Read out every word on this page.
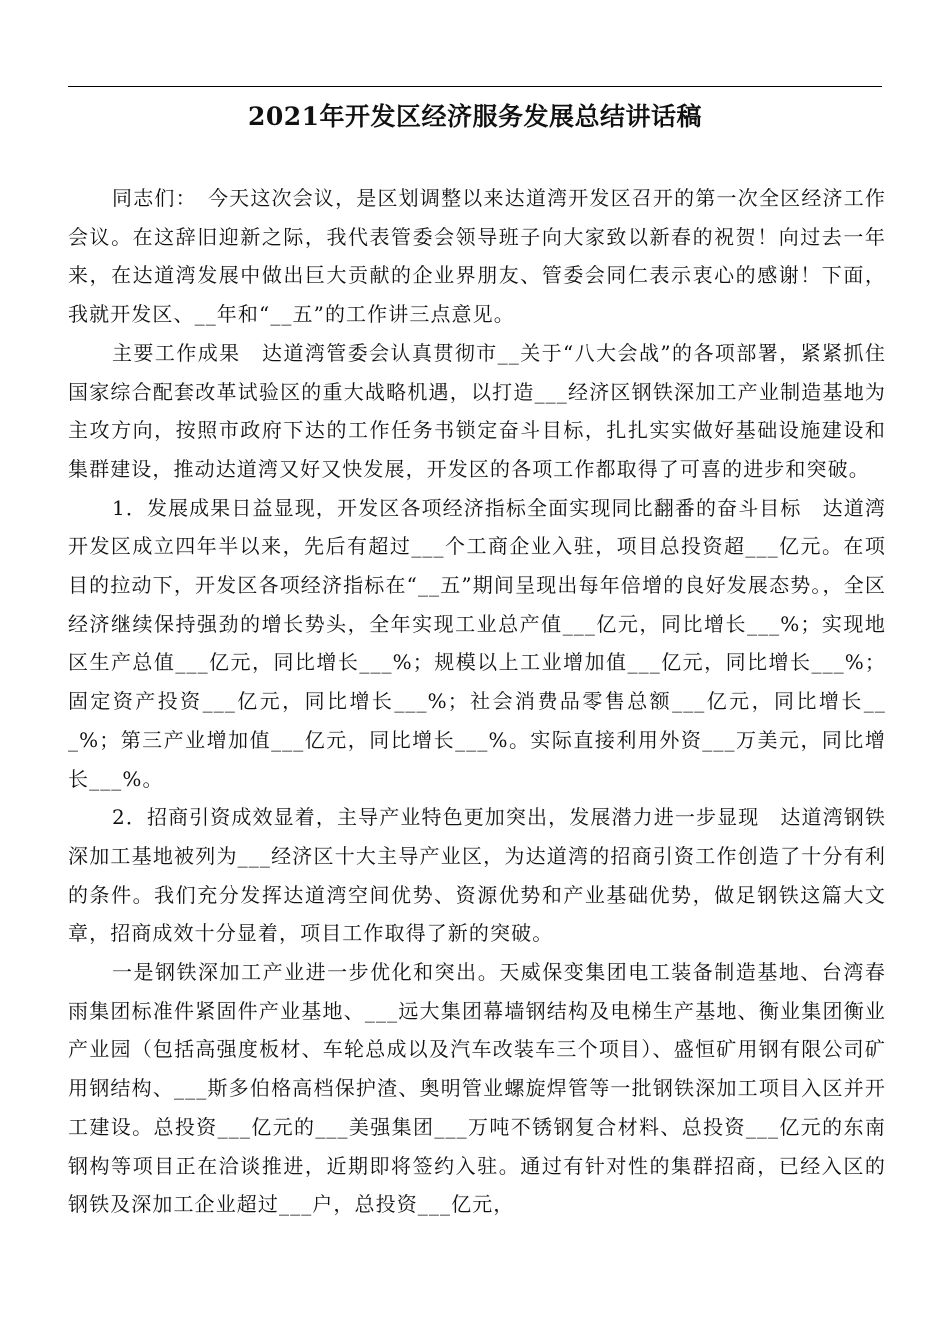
2021年开发区经济服务发展总结讲话稿

同志们：　今天这次会议，是区划调整以来达道湾开发区召开的第一次全区经济工作会议。在这辞旧迎新之际，我代表管委会领导班子向大家致以新春的祝贺！向过去一年来，在达道湾发展中做出巨大贡献的企业界朋友、管委会同仁表示衷心的感谢！下面，我就开发区、__年和“__五”的工作讲三点意见。

主要工作成果　达道湾管委会认真贯彻市__关于“八大会战”的各项部署，紧紧抓住国家综合配套改革试验区的重大战略机遇，以打造___经济区钢铁深加工产业制造基地为主攻方向，按照市政府下达的工作任务书锁定奋斗目标，扎扎实实做好基础设施建设和集群建设，推动达道湾又好又快发展，开发区的各项工作都取得了可喜的进步和突破。

1．发展成果日益显现，开发区各项经济指标全面实现同比翻番的奋斗目标　达道湾开发区成立四年半以来，先后有超过___个工商企业入驻，项目总投资超___亿元。在项目的拉动下，开发区各项经济指标在“__五”期间呈现出每年倍增的良好发展态势。，全区经济继续保持强劲的增长势头，全年实现工业总产值___亿元，同比增长___%；实现地区生产总值___亿元，同比增长___%；规模以上工业增加值___亿元，同比增长___%；固定资产投资___亿元，同比增长___%；社会消费品零售总额___亿元，同比增长___%；第三产业增加值___亿元，同比增长___%。实际直接利用外资___万美元，同比增长___%。

2．招商引资成效显着，主导产业特色更加突出，发展潜力进一步显现　达道湾钢铁深加工基地被列为___经济区十大主导产业区，为达道湾的招商引资工作创造了十分有利的条件。我们充分发挥达道湾空间优势、资源优势和产业基础优势，做足钢铁这篇大文章，招商成效十分显着，项目工作取得了新的突破。

一是钢铁深加工产业进一步优化和突出。天威保变集团电工装备制造基地、台湾春雨集团标准件紧固件产业基地、___远大集团幕墙钢结构及电梯生产基地、衡业集团衡业产业园（包括高强度板材、车轮总成以及汽车改装车三个项目）、盛恒矿用钢有限公司矿用钢结构、___斯多伯格高档保护渣、奥明管业螺旋焊管等一批钢铁深加工项目入区并开工建设。总投资___亿元的___美强集团___万吨不锈钢复合材料、总投资___亿元的东南钢构等项目正在洽谈推进，近期即将签约入驻。通过有针对性的集群招商，已经入区的钢铁及深加工企业超过___户，总投资___亿元，
